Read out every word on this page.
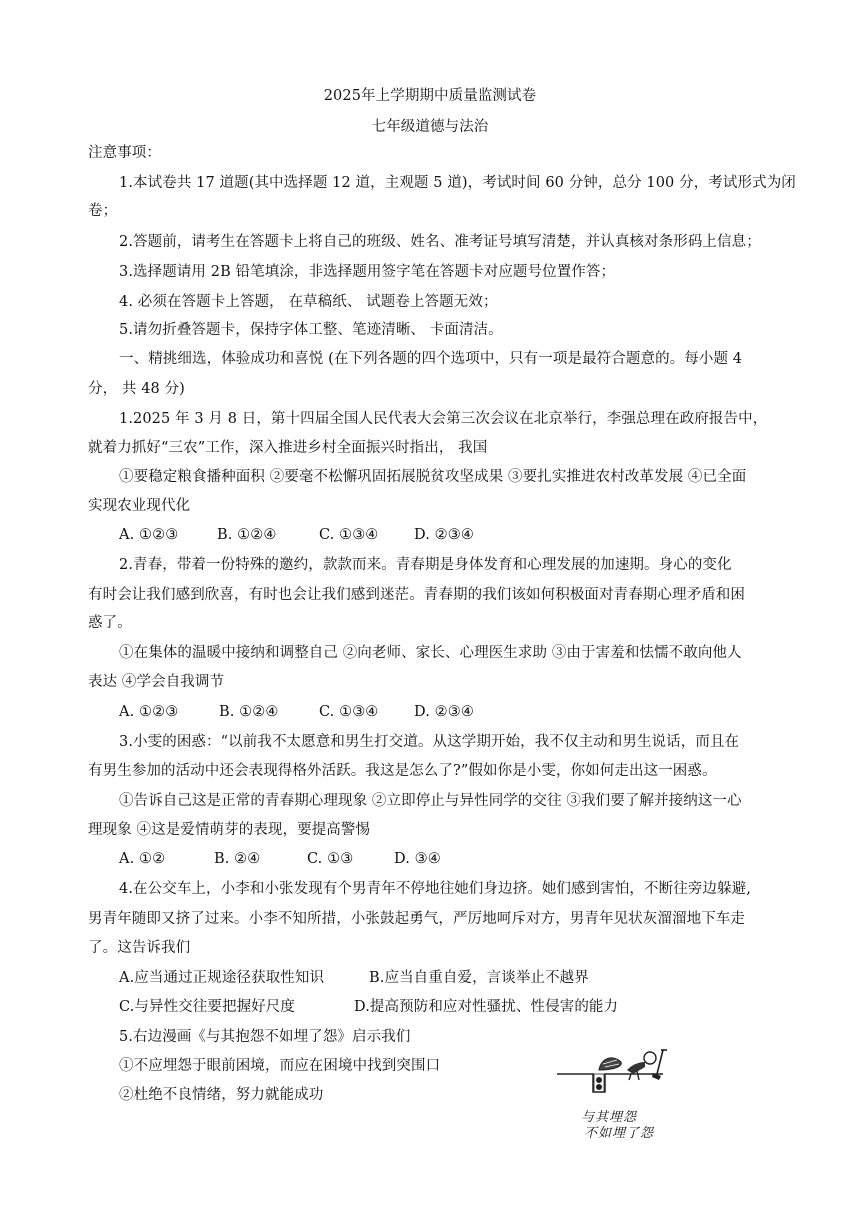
2025年上学期期中质量监测试卷
七年级道德与法治
注意事项：
1.本试卷共 17 道题(其中选择题 12 道，主观题 5 道)，考试时间 60 分钟，总分 100 分，考试形式为闭
卷；
2.答题前，请考生在答题卡上将自己的班级、姓名、准考证号填写清楚，并认真核对条形码上信息；
3.选择题请用 2B 铅笔填涂，非选择题用签字笔在答题卡对应题号位置作答；
4. 必须在答题卡上答题， 在草稿纸、 试题卷上答题无效；
5.请勿折叠答题卡，保持字体工整、笔迹清晰、 卡面清洁。
一、精挑细选，体验成功和喜悦 (在下列各题的四个选项中，只有一项是最符合题意的。每小题 4
分， 共 48 分)
1.2025 年 3 月 8 日，第十四届全国人民代表大会第三次会议在北京举行，李强总理在政府报告中，
就着力抓好“三农”工作，深入推进乡村全面振兴时指出， 我国
①要稳定粮食播种面积 ②要毫不松懈巩固拓展脱贫攻坚成果 ③要扎实推进农村改革发展 ④已全面
实现农业现代化
A. ①②③	B. ①②④	C. ①③④ D. ②③④
2.青春，带着一份特殊的邀约，款款而来。青春期是身体发育和心理发展的加速期。身心的变化
有时会让我们感到欣喜，有时也会让我们感到迷茫。青春期的我们该如何积极面对青春期心理矛盾和困
惑了。
①在集体的温暖中接纳和调整自己 ②向老师、家长、心理医生求助 ③由于害羞和怯懦不敢向他人
表达 ④学会自我调节
A. ①②③	B. ①②④	C. ①③④ D. ②③④
3.小雯的困惑：“以前我不太愿意和男生打交道。从这学期开始，我不仅主动和男生说话，而且在
有男生参加的活动中还会表现得格外活跃。我这是怎么了?”假如你是小雯，你如何走出这一困惑。
①告诉自己这是正常的青春期心理现象 ②立即停止与异性同学的交往 ③我们要了解并接纳这一心
理现象 ④这是爱情萌芽的表现，要提高警惕
A. ①②	B. ②④	C. ①③	D. ③④
4.在公交车上，小李和小张发现有个男青年不停地往她们身边挤。她们感到害怕，不断往旁边躲避,
男青年随即又挤了过来。小李不知所措，小张鼓起勇气，严厉地呵斥对方，男青年见状灰溜溜地下车走
了。这告诉我们
A.应当通过正规途径获取性知识	B.应当自重自爱，言谈举止不越界
C.与异性交往要把握好尺度	D.提高预防和应对性骚扰、性侵害的能力
5.右边漫画《与其抱怨不如埋了怨》启示我们
①不应埋怨于眼前困境，而应在困境中找到突围口
②杜绝不良情绪，努力就能成功
与其埋怨
不如埋了怨
